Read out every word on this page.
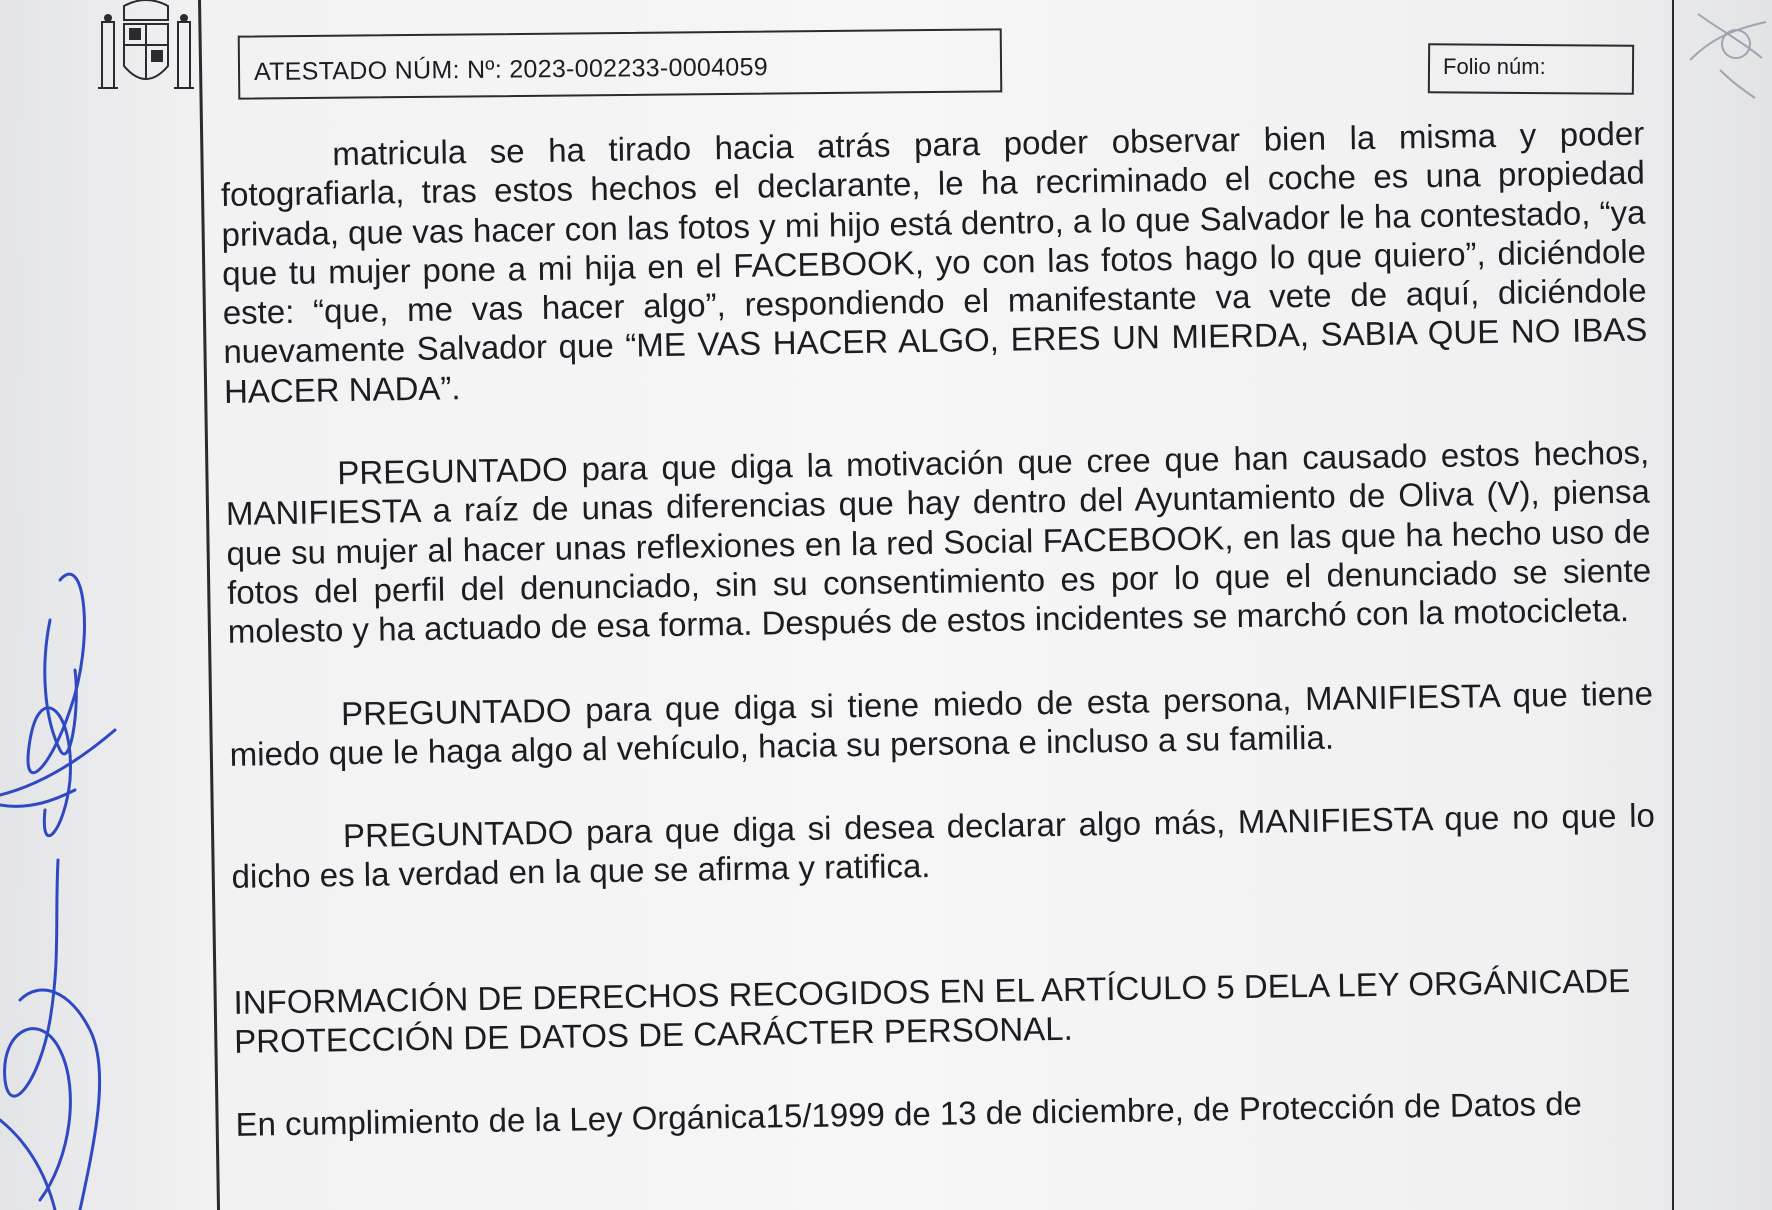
ATESTADO NÚM: Nº: 2023-002233-0004059	Folio núm:

matricula se ha tirado hacia atrás para poder observar bien la misma y poder fotografiarla, tras estos hechos el declarante, le ha recriminado el coche es una propiedad privada, que vas hacer con las fotos y mi hijo está dentro, a lo que Salvador le ha contestado, “ya que tu mujer pone a mi hija en el FACEBOOK, yo con las fotos hago lo que quiero”, diciéndole este: “que, me vas hacer algo”, respondiendo el manifestante va vete de aquí, diciéndole nuevamente Salvador que “ME VAS HACER ALGO, ERES UN MIERDA, SABIA QUE NO IBAS HACER NADA”.

PREGUNTADO para que diga la motivación que cree que han causado estos hechos, MANIFIESTA a raíz de unas diferencias que hay dentro del Ayuntamiento de Oliva (V), piensa que su mujer al hacer unas reflexiones en la red Social FACEBOOK, en las que ha hecho uso de fotos del perfil del denunciado, sin su consentimiento es por lo que el denunciado se siente molesto y ha actuado de esa forma. Después de estos incidentes se marchó con la motocicleta.

PREGUNTADO para que diga si tiene miedo de esta persona, MANIFIESTA que tiene miedo que le haga algo al vehículo, hacia su persona e incluso a su familia.

PREGUNTADO para que diga si desea declarar algo más, MANIFIESTA que no que lo dicho es la verdad en la que se afirma y ratifica.

INFORMACIÓN DE DERECHOS RECOGIDOS EN EL ARTÍCULO 5 DELA LEY ORGÁNICADE PROTECCIÓN DE DATOS DE CARÁCTER PERSONAL.

En cumplimiento de la Ley Orgánica15/1999 de 13 de diciembre, de Protección de Datos de
